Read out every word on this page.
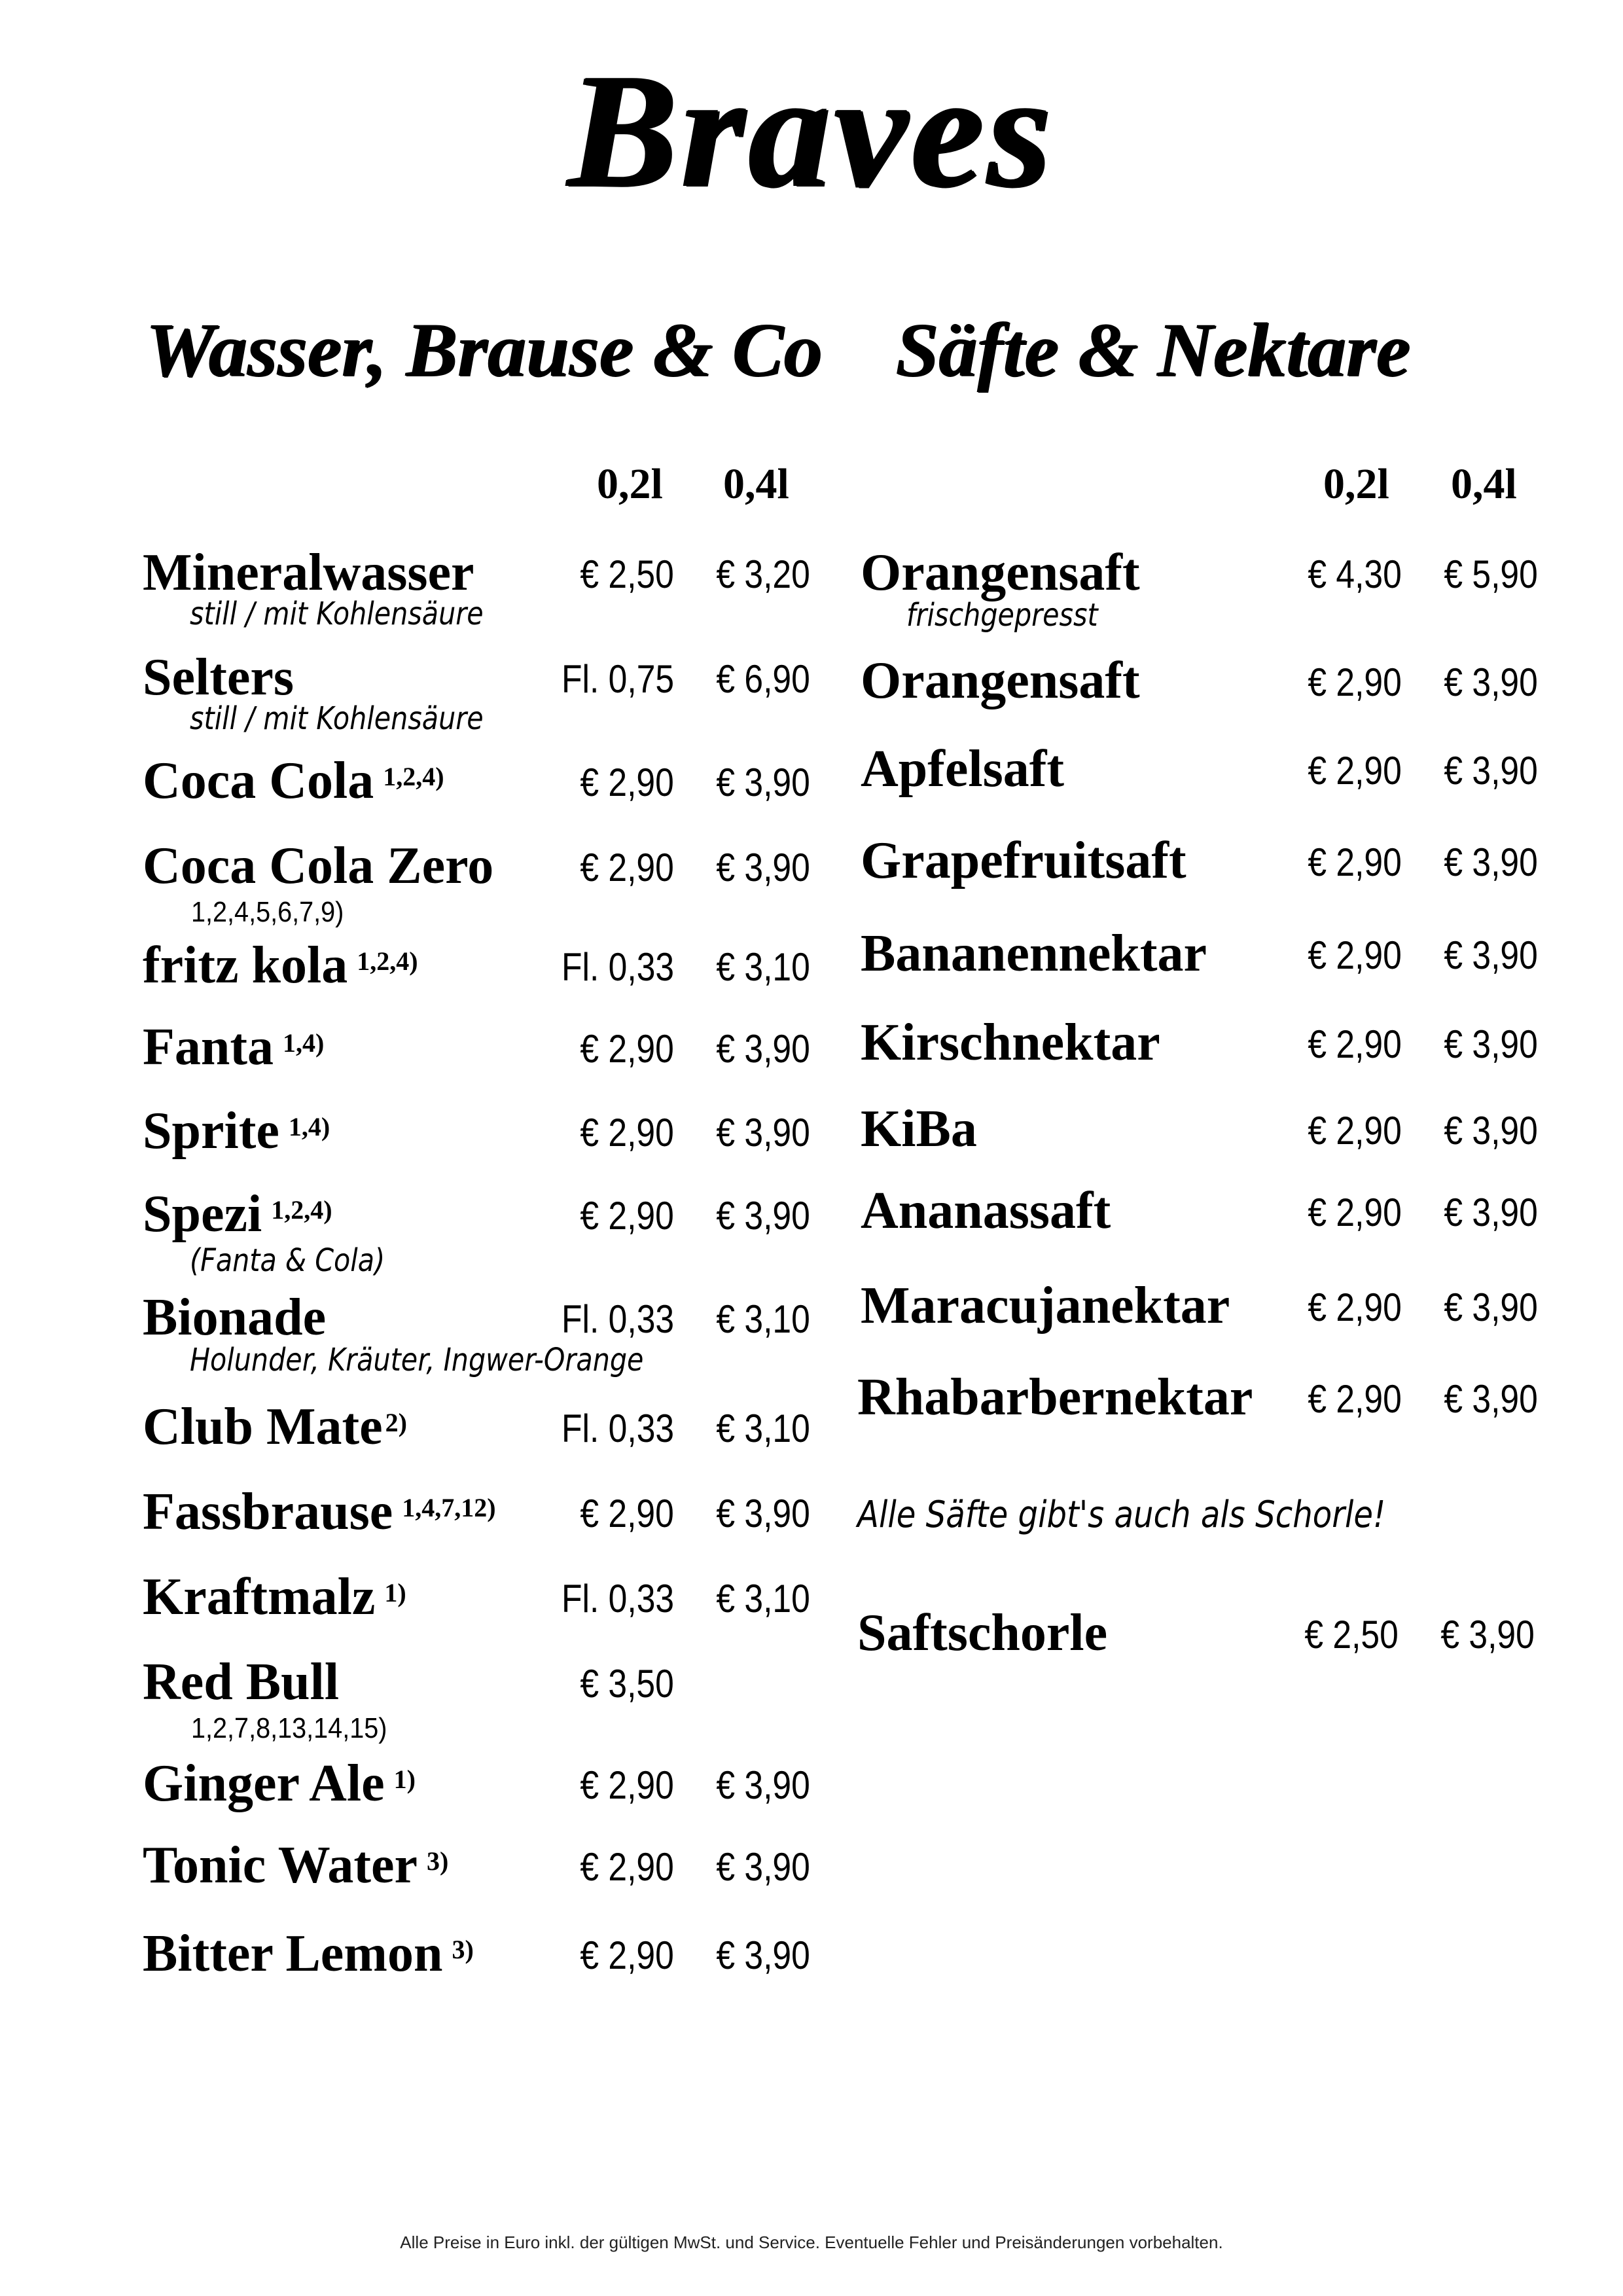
Braves
Wasser, Brause & Co
0,2l 0,4l
Mineralwasser	€ 2,50 € 3,20
still / mit Kohlensäure
Selters	Fl. 0,75 € 6,90
still / mit Kohlensäure
Coca Cola $^{1,2,4)}$	€ 2,90 € 3,90
Coca Cola Zero € 2,90 € 3,90
1,2,4,5,6,7,9)
fritz kola $^{1,2,4)}$	Fl. 0,33 € 3,10
Fanta $^{1,4)}$	€ 2,90 € 3,90
Sprite $^{1,4)}$	€ 2,90 € 3,90
Spezi $^{1,2,4)}$	€ 2,90 € 3,90
(Fanta & Cola)
Bionade	Fl. 0,33 € 3,10
Holunder, Kräuter, Ingwer-Orange
Club Mate $^{2)}$	Fl. 0,33 € 3,10
Fassbrause $^{1,4,7,12)}$ € 2,90 € 3,90
Kraftmalz $^{1)}$	Fl. 0,33 € 3,10
Red Bull	€ 3,50
1,2,7,8,13,14,15)
Ginger Ale $^{1)}$	€ 2,90 € 3,90
Tonic Water $^{3)}$	€ 2,90 € 3,90
Bitter Lemon $^{3)}$	€ 2,90 € 3,90
Säfte & Nektare
0,2l 0,4l
Orangensaft	€ 4,30 € 5,90
frischgepresst
Orangensaft	€ 2,90 € 3,90
Apfelsaft	€ 2,90 € 3,90
Grapefruitsaft	€ 2,90 € 3,90
Bananennektar	€ 2,90 € 3,90
Kirschnektar	€ 2,90 € 3,90
KiBa	€ 2,90 € 3,90
Ananassaft	€ 2,90 € 3,90
Maracujanektar € 2,90 € 3,90
Rhabarbernektar € 2,90 € 3,90
Alle Säfte gibt's auch als Schorle!
Saftschorle	€ 2,50 € 3,90
Alle Preise in Euro inkl. der gültigen MwSt. und Service. Eventuelle Fehler und Preisänderungen vorbehalten.
